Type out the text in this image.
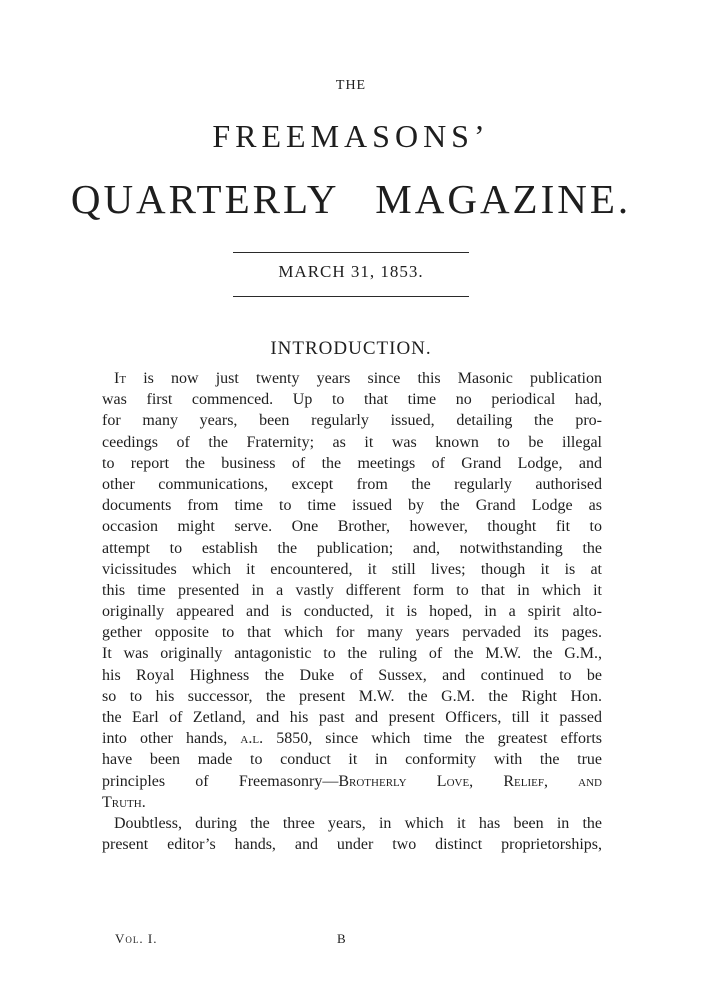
THE
FREEMASONS’
QUARTERLY MAGAZINE.
MARCH 31, 1853.
INTRODUCTION.
It is now just twenty years since this Masonic publication
was first commenced. Up to that time no periodical had,
for many years, been regularly issued, detailing the pro-
ceedings of the Fraternity; as it was known to be illegal
to report the business of the meetings of Grand Lodge, and
other communications, except from the regularly authorised
documents from time to time issued by the Grand Lodge as
occasion might serve. One Brother, however, thought fit to
attempt to establish the publication; and, notwithstanding the
vicissitudes which it encountered, it still lives; though it is at
this time presented in a vastly different form to that in which it
originally appeared and is conducted, it is hoped, in a spirit alto-
gether opposite to that which for many years pervaded its pages.
It was originally antagonistic to the ruling of the M.W. the G.M.,
his Royal Highness the Duke of Sussex, and continued to be
so to his successor, the present M.W. the G.M. the Right Hon.
the Earl of Zetland, and his past and present Officers, till it passed
into other hands, a.l. 5850, since which time the greatest efforts
have been made to conduct it in conformity with the true
principles of Freemasonry—Brotherly Love, Relief, and
Truth.
Doubtless, during the three years, in which it has been in the
present editor’s hands, and under two distinct proprietorships,
Vol. I.	B
